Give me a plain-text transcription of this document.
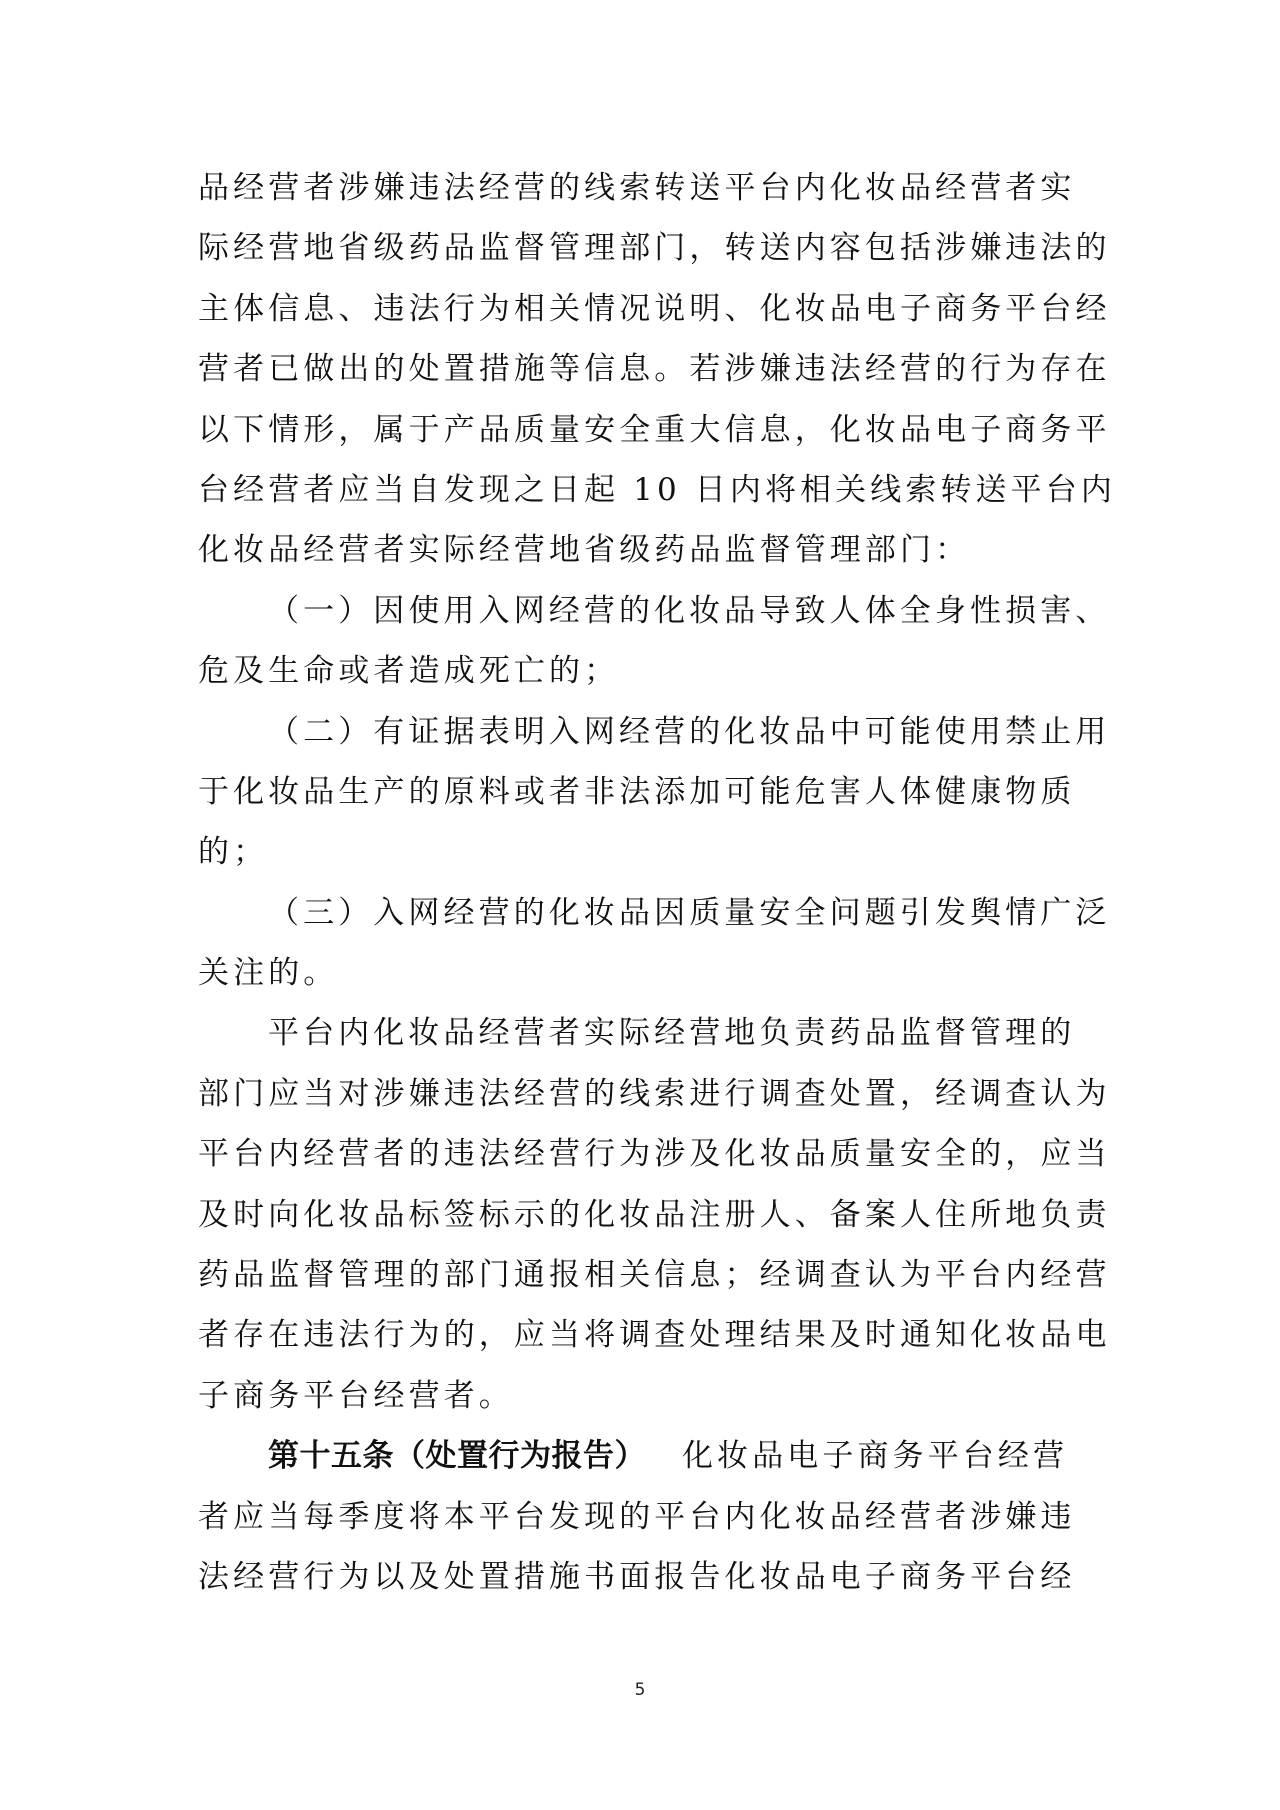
品经营者涉嫌违法经营的线索转送平台内化妆品经营者实
际经营地省级药品监督管理部门，转送内容包括涉嫌违法的
主体信息、违法行为相关情况说明、化妆品电子商务平台经
营者已做出的处置措施等信息。若涉嫌违法经营的行为存在
以下情形，属于产品质量安全重大信息，化妆品电子商务平
台经营者应当自发现之日起 10 日内将相关线索转送平台内
化妆品经营者实际经营地省级药品监督管理部门：
（一）因使用入网经营的化妆品导致人体全身性损害、
危及生命或者造成死亡的；
（二）有证据表明入网经营的化妆品中可能使用禁止用
于化妆品生产的原料或者非法添加可能危害人体健康物质
的；
（三）入网经营的化妆品因质量安全问题引发舆情广泛
关注的。
平台内化妆品经营者实际经营地负责药品监督管理的
部门应当对涉嫌违法经营的线索进行调查处置，经调查认为
平台内经营者的违法经营行为涉及化妆品质量安全的，应当
及时向化妆品标签标示的化妆品注册人、备案人住所地负责
药品监督管理的部门通报相关信息；经调查认为平台内经营
者存在违法行为的，应当将调查处理结果及时通知化妆品电
子商务平台经营者。
第十五条（处置行为报告） 化妆品电子商务平台经营
者应当每季度将本平台发现的平台内化妆品经营者涉嫌违
法经营行为以及处置措施书面报告化妆品电子商务平台经
5
